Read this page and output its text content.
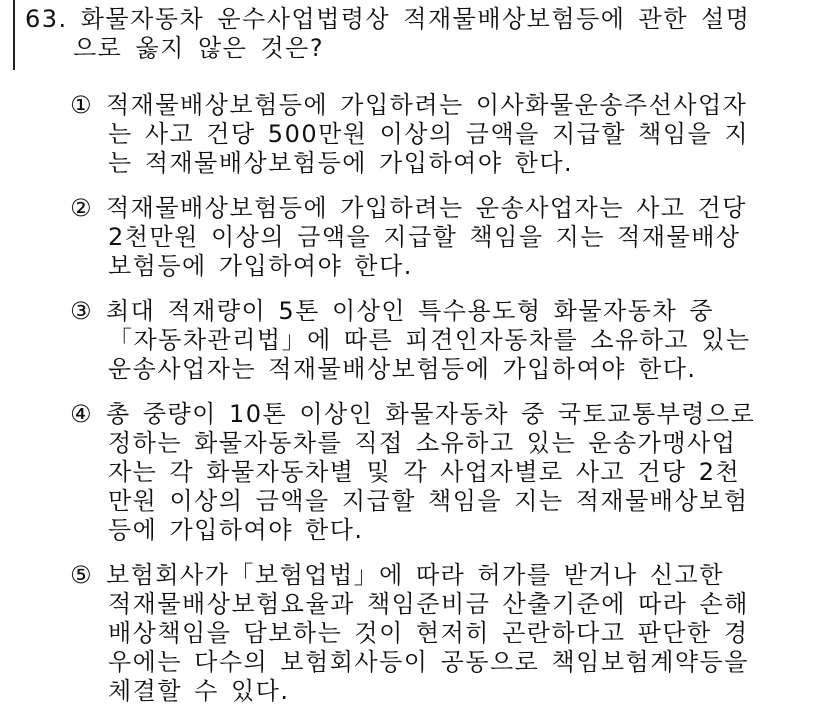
63. 화물자동차 운수사업법령상 적재물배상보험등에 관한 설명
으로 옳지 않은 것은?
① 적재물배상보험등에 가입하려는 이사화물운송주선사업자
는 사고 건당 500만원 이상의 금액을 지급할 책임을 지
는 적재물배상보험등에 가입하여야 한다.
② 적재물배상보험등에 가입하려는 운송사업자는 사고 건당
2천만원 이상의 금액을 지급할 책임을 지는 적재물배상
보험등에 가입하여야 한다.
③ 최대 적재량이 5톤 이상인 특수용도형 화물자동차 중
「자동차관리법」에 따른 피견인자동차를 소유하고 있는
운송사업자는 적재물배상보험등에 가입하여야 한다.
④ 총 중량이 10톤 이상인 화물자동차 중 국토교통부령으로
정하는 화물자동차를 직접 소유하고 있는 운송가맹사업
자는 각 화물자동차별 및 각 사업자별로 사고 건당 2천
만원 이상의 금액을 지급할 책임을 지는 적재물배상보험
등에 가입하여야 한다.
⑤ 보험회사가「보험업법」에 따라 허가를 받거나 신고한
적재물배상보험요율과 책임준비금 산출기준에 따라 손해
배상책임을 담보하는 것이 현저히 곤란하다고 판단한 경
우에는 다수의 보험회사등이 공동으로 책임보험계약등을
체결할 수 있다.
